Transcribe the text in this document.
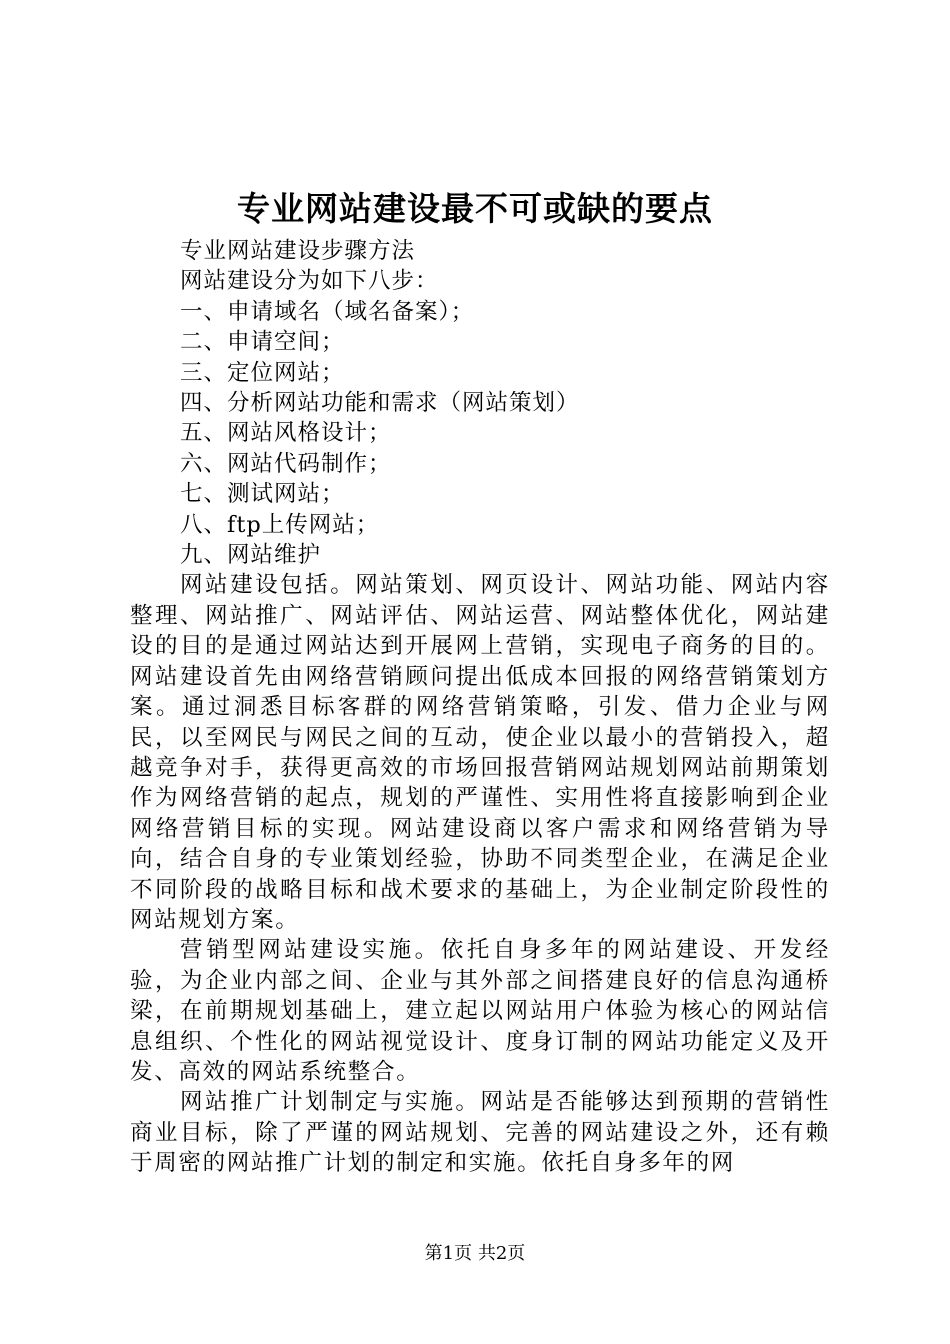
专业网站建设最不可或缺的要点

专业网站建设步骤方法

网站建设分为如下八步：

一、申请域名（域名备案）；

二、申请空间；

三、定位网站；

四、分析网站功能和需求（网站策划）

五、网站风格设计；

六、网站代码制作；

七、测试网站；

八、ftp上传网站；

九、网站维护

网站建设包括。网站策划、网页设计、网站功能、网站内容整理、网站推广、网站评估、网站运营、网站整体优化，网站建设的目的是通过网站达到开展网上营销，实现电子商务的目的。网站建设首先由网络营销顾问提出低成本回报的网络营销策划方案。通过洞悉目标客群的网络营销策略，引发、借力企业与网民，以至网民与网民之间的互动，使企业以最小的营销投入，超越竞争对手，获得更高效的市场回报营销网站规划网站前期策划作为网络营销的起点，规划的严谨性、实用性将直接影响到企业网络营销目标的实现。网站建设商以客户需求和网络营销为导向，结合自身的专业策划经验，协助不同类型企业，在满足企业不同阶段的战略目标和战术要求的基础上，为企业制定阶段性的网站规划方案。

营销型网站建设实施。依托自身多年的网站建设、开发经验，为企业内部之间、企业与其外部之间搭建良好的信息沟通桥梁，在前期规划基础上，建立起以网站用户体验为核心的网站信息组织、个性化的网站视觉设计、度身订制的网站功能定义及开发、高效的网站系统整合。

网站推广计划制定与实施。网站是否能够达到预期的营销性商业目标，除了严谨的网站规划、完善的网站建设之外，还有赖于周密的网站推广计划的制定和实施。依托自身多年的网

第1页 共2页
